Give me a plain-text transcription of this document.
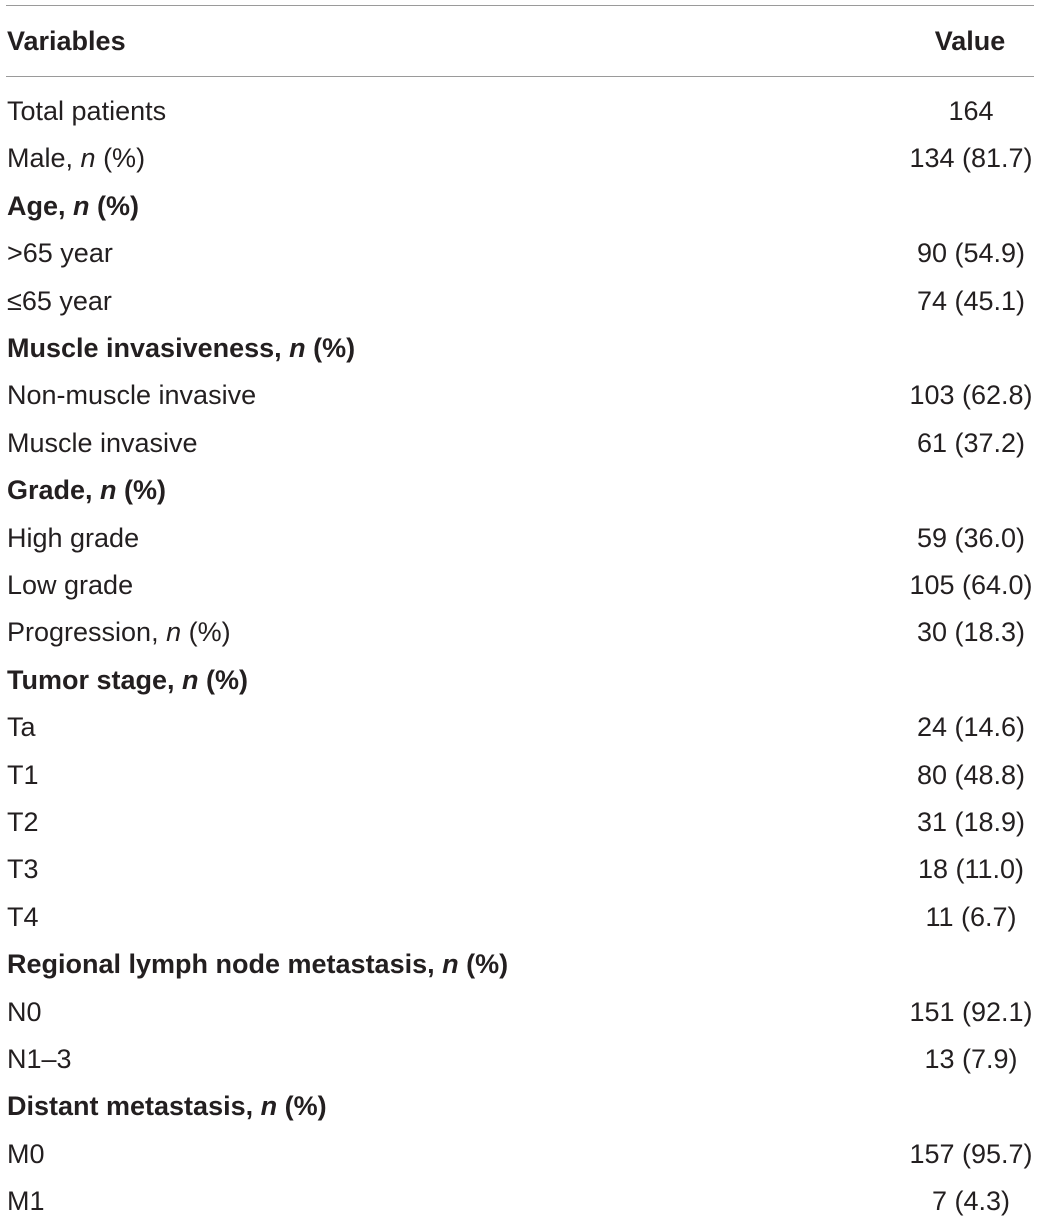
Variables	Value
Total patients	164
Male, n (%)	134 (81.7)
Age, n (%)
>65 year	90 (54.9)
≤65 year	74 (45.1)
Muscle invasiveness, n (%)
Non-muscle invasive	103 (62.8)
Muscle invasive	61 (37.2)
Grade, n (%)
High grade	59 (36.0)
Low grade	105 (64.0)
Progression, n (%)	30 (18.3)
Tumor stage, n (%)
Ta	24 (14.6)
T1	80 (48.8)
T2	31 (18.9)
T3	18 (11.0)
T4	11 (6.7)
Regional lymph node metastasis, n (%)
N0	151 (92.1)
N1–3	13 (7.9)
Distant metastasis, n (%)
M0	157 (95.7)
M1	7 (4.3)
